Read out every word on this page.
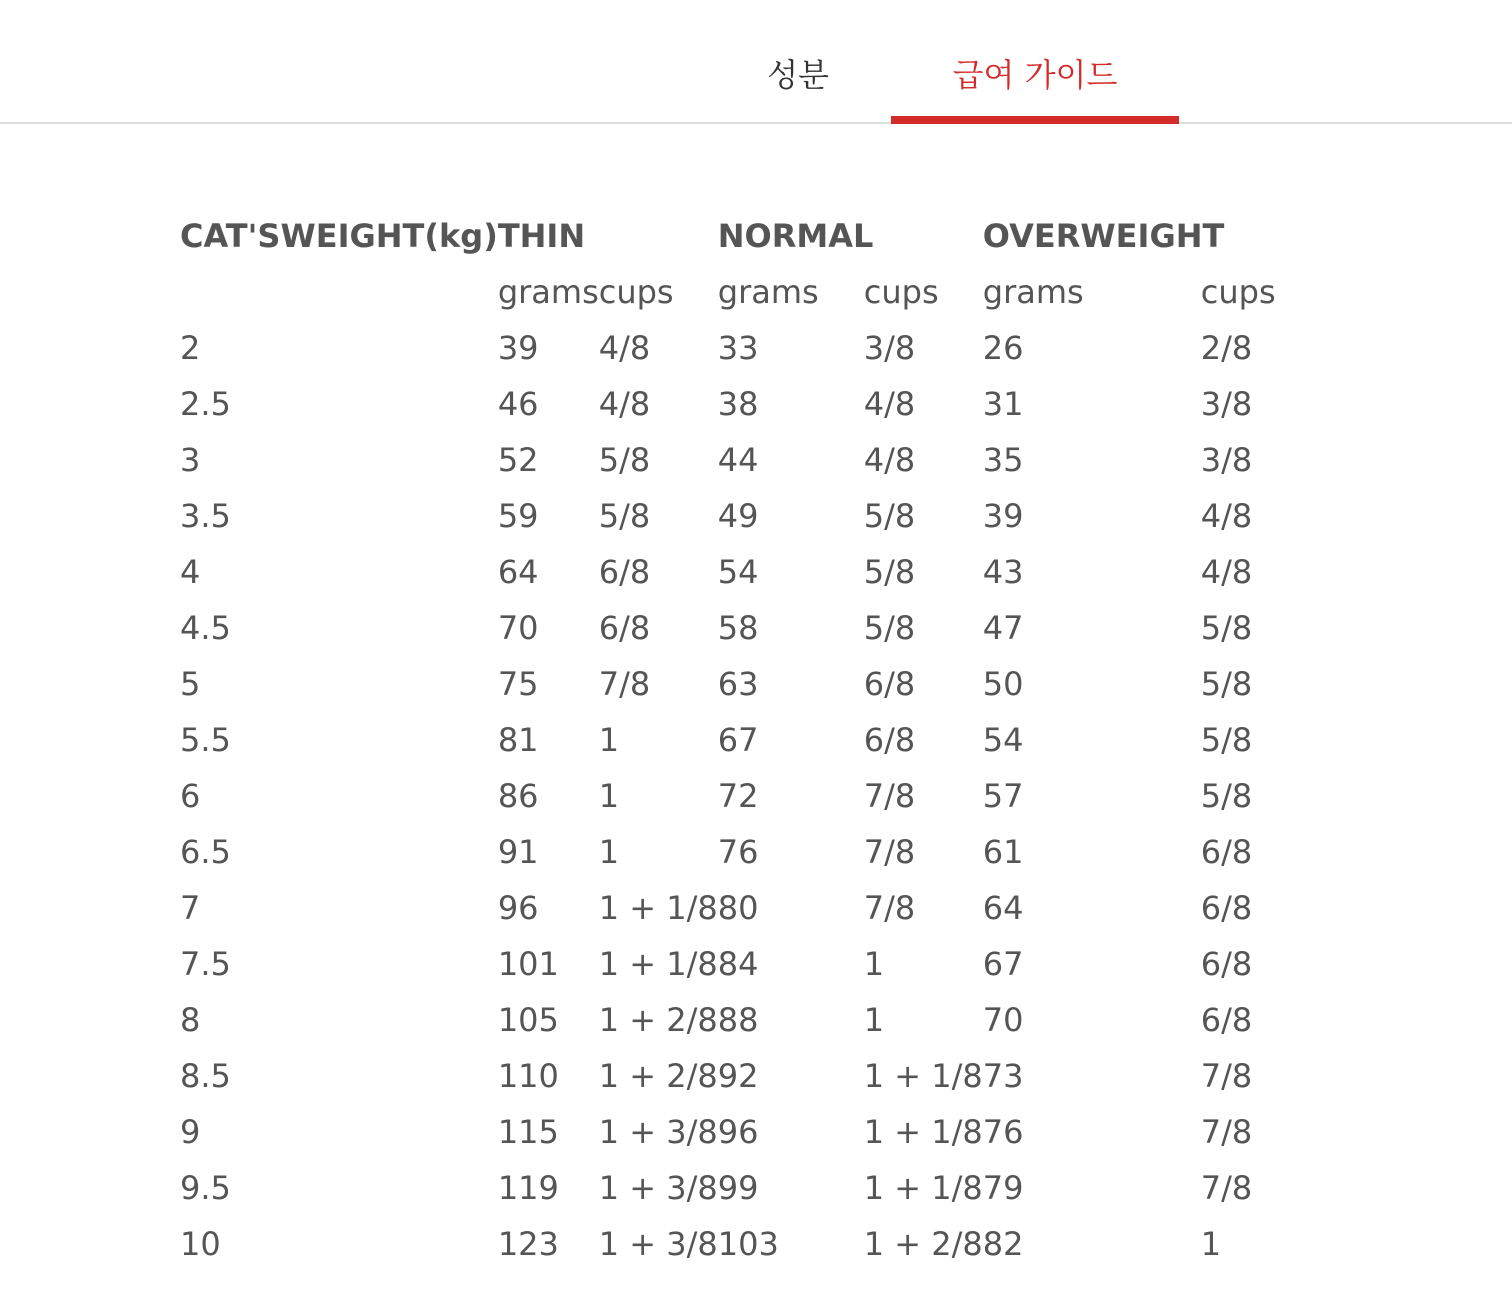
성분	급여 가이드
CAT'SWEIGHT(kg)	THIN		NORMAL		OVERWEIGHT	
	grams	cups	grams	cups	grams	cups
2	39	4/8	33	3/8	26	2/8
2.5	46	4/8	38	4/8	31	3/8
3	52	5/8	44	4/8	35	3/8
3.5	59	5/8	49	5/8	39	4/8
4	64	6/8	54	5/8	43	4/8
4.5	70	6/8	58	5/8	47	5/8
5	75	7/8	63	6/8	50	5/8
5.5	81	1	67	6/8	54	5/8
6	86	1	72	7/8	57	5/8
6.5	91	1	76	7/8	61	6/8
7	96	1 + 1/8	80	7/8	64	6/8
7.5	101	1 + 1/8	84	1	67	6/8
8	105	1 + 2/8	88	1	70	6/8
8.5	110	1 + 2/8	92	1 + 1/8	73	7/8
9	115	1 + 3/8	96	1 + 1/8	76	7/8
9.5	119	1 + 3/8	99	1 + 1/8	79	7/8
10	123	1 + 3/8	103	1 + 2/8	82	1
